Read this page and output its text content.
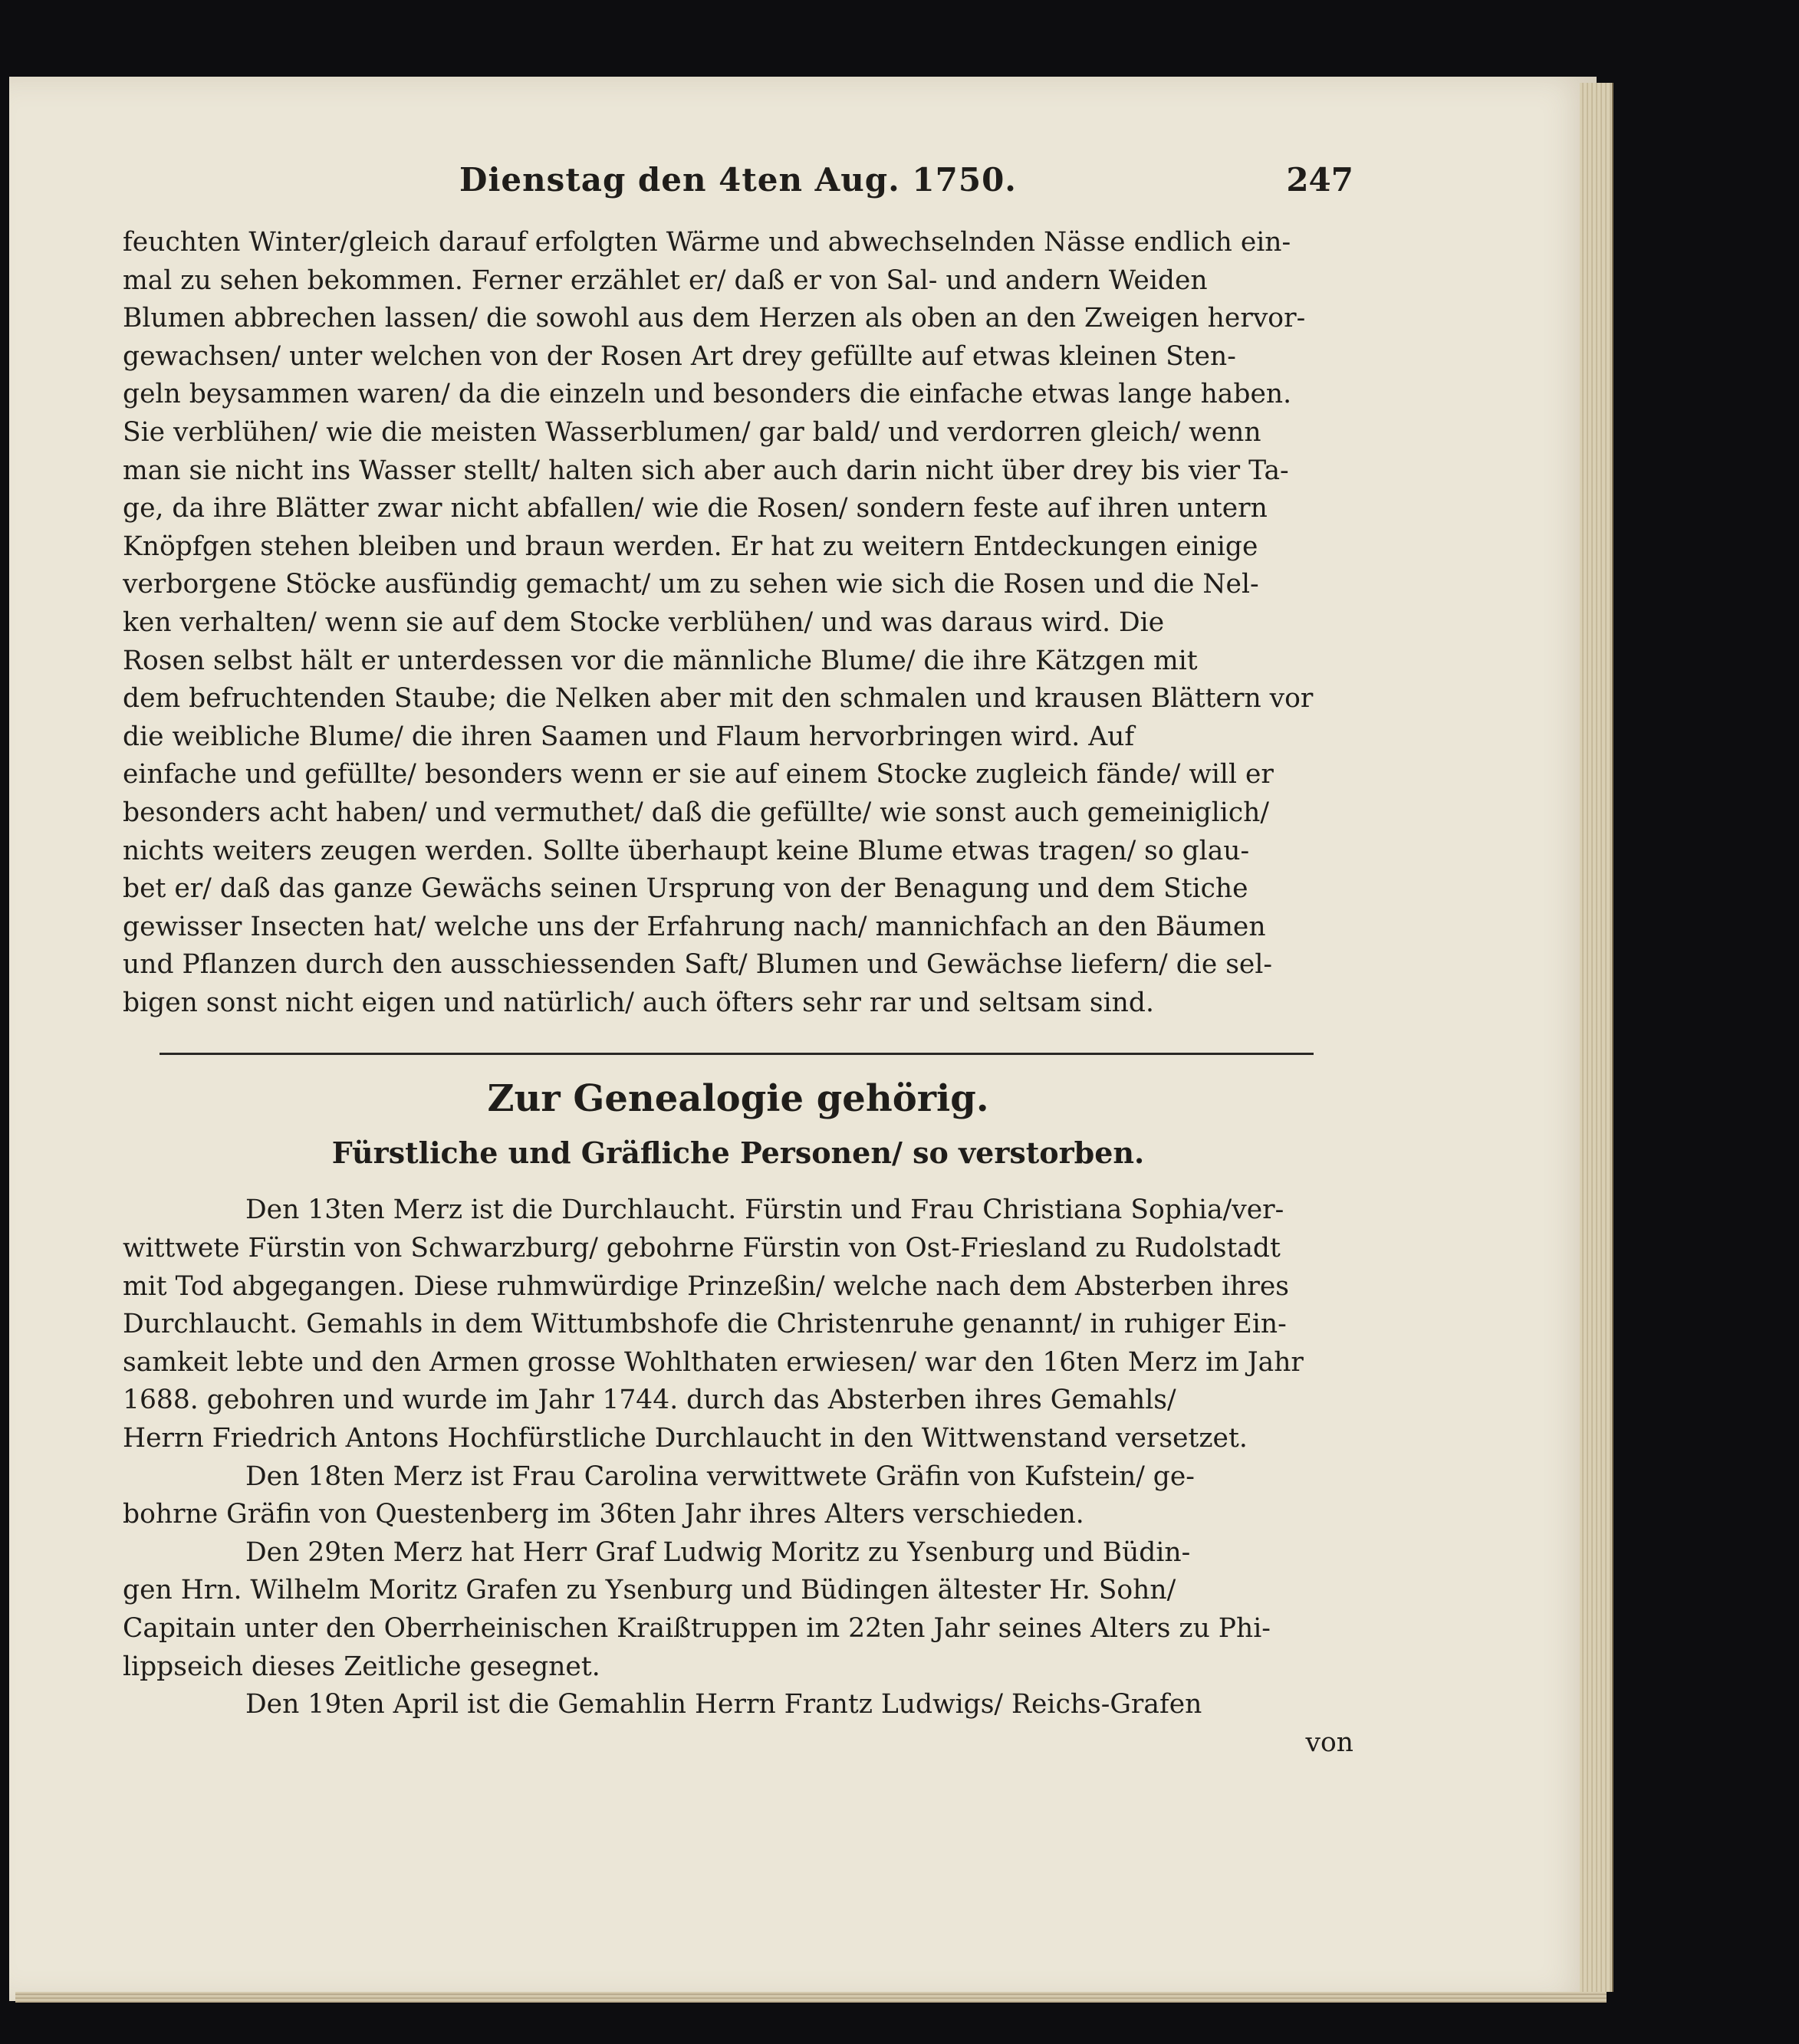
Dienstag den 4ten Aug. 1750.	247
feuchten Winter/gleich darauf erfolgten Wärme und abwechselnden Nässe endlich ein-
mal zu sehen bekommen. Ferner erzählet er/ daß er von Sal- und andern Weiden
Blumen abbrechen lassen/ die sowohl aus dem Herzen als oben an den Zweigen hervor-
gewachsen/ unter welchen von der Rosen Art drey gefüllte auf etwas kleinen Sten-
geln beysammen waren/ da die einzeln und besonders die einfache etwas lange haben.
Sie verblühen/ wie die meisten Wasserblumen/ gar bald/ und verdorren gleich/ wenn
man sie nicht ins Wasser stellt/ halten sich aber auch darin nicht über drey bis vier Ta-
ge, da ihre Blätter zwar nicht abfallen/ wie die Rosen/ sondern feste auf ihren untern
Knöpfgen stehen bleiben und braun werden. Er hat zu weitern Entdeckungen einige
verborgene Stöcke ausfündig gemacht/ um zu sehen wie sich die Rosen und die Nel-
ken verhalten/ wenn sie auf dem Stocke verblühen/ und was daraus wird. Die
Rosen selbst hält er unterdessen vor die männliche Blume/ die ihre Kätzgen mit
dem befruchtenden Staube; die Nelken aber mit den schmalen und krausen Blättern vor
die weibliche Blume/ die ihren Saamen und Flaum hervorbringen wird. Auf
einfache und gefüllte/ besonders wenn er sie auf einem Stocke zugleich fände/ will er
besonders acht haben/ und vermuthet/ daß die gefüllte/ wie sonst auch gemeiniglich/
nichts weiters zeugen werden. Sollte überhaupt keine Blume etwas tragen/ so glau-
bet er/ daß das ganze Gewächs seinen Ursprung von der Benagung und dem Stiche
gewisser Insecten hat/ welche uns der Erfahrung nach/ mannichfach an den Bäumen
und Pflanzen durch den ausschiessenden Saft/ Blumen und Gewächse liefern/ die sel-
bigen sonst nicht eigen und natürlich/ auch öfters sehr rar und seltsam sind.
Zur Genealogie gehörig.
Fürstliche und Gräfliche Personen/ so verstorben.
Den 13ten Merz ist die Durchlaucht. Fürstin und Frau Christiana Sophia/ver-
wittwete Fürstin von Schwarzburg/ gebohrne Fürstin von Ost-Friesland zu Rudolstadt
mit Tod abgegangen. Diese ruhmwürdige Prinzeßin/ welche nach dem Absterben ihres
Durchlaucht. Gemahls in dem Wittumbshofe die Christenruhe genannt/ in ruhiger Ein-
samkeit lebte und den Armen grosse Wohlthaten erwiesen/ war den 16ten Merz im Jahr
1688. gebohren und wurde im Jahr 1744. durch das Absterben ihres Gemahls/
Herrn Friedrich Antons Hochfürstliche Durchlaucht in den Wittwenstand versetzet.
Den 18ten Merz ist Frau Carolina verwittwete Gräfin von Kufstein/ ge-
bohrne Gräfin von Questenberg im 36ten Jahr ihres Alters verschieden.
Den 29ten Merz hat Herr Graf Ludwig Moritz zu Ysenburg und Büdin-
gen Hrn. Wilhelm Moritz Grafen zu Ysenburg und Büdingen ältester Hr. Sohn/
Capitain unter den Oberrheinischen Kraißtruppen im 22ten Jahr seines Alters zu Phi-
lippseich dieses Zeitliche gesegnet.
Den 19ten April ist die Gemahlin Herrn Frantz Ludwigs/ Reichs-Grafen
von
